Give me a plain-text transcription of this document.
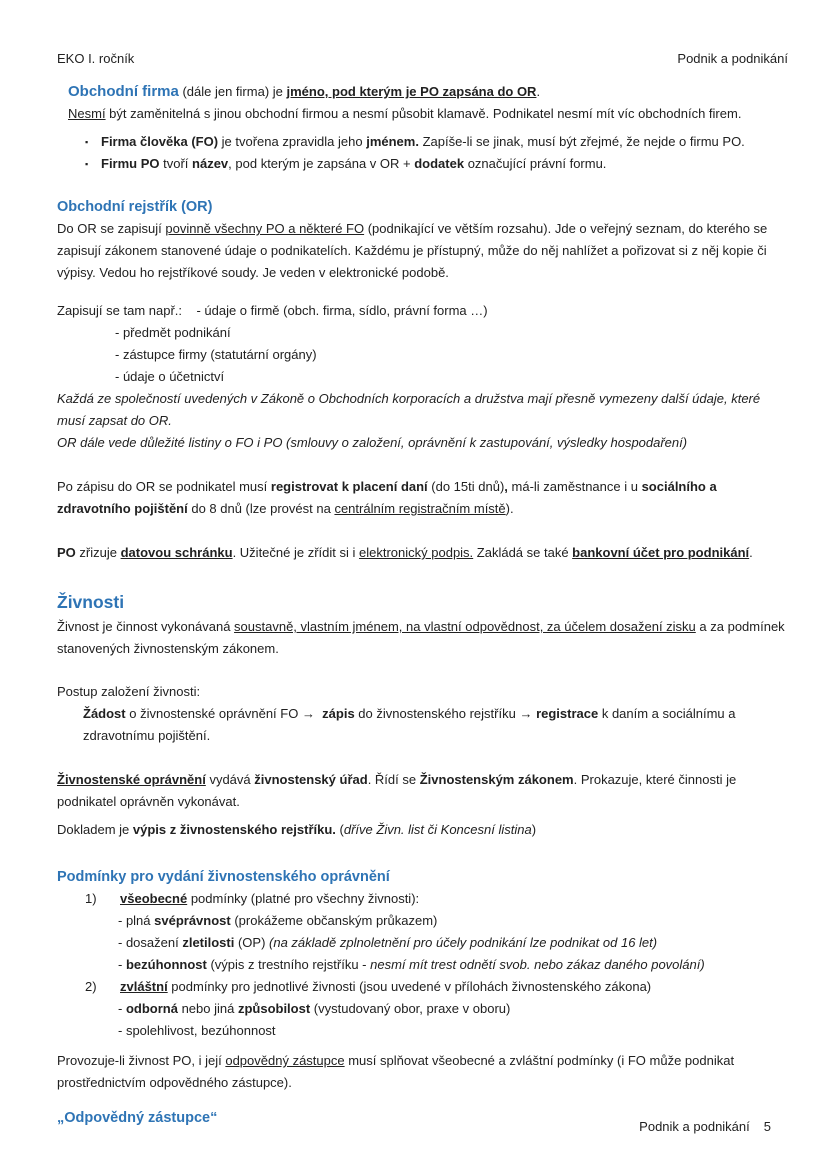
EKO I. ročník	Podnik a podnikání

Obchodní firma (dále jen firma) je jméno, pod kterým je PO zapsána do OR.

Nesmí být zaměnitelná s jinou obchodní firmou a nesmí působit klamavě. Podnikatel nesmí mít víc obchodních firem.

▪ Firma člověka (FO) je tvořena zpravidla jeho jménem. Zapíše-li se jinak, musí být zřejmé, že nejde o firmu PO.
▪ Firmu PO tvoří název, pod kterým je zapsána v OR + dodatek označující právní formu.
Obchodní rejstřík (OR)

Do OR se zapisují povinně všechny PO a některé FO (podnikající ve větším rozsahu). Jde o veřejný seznam, do kterého se zapisují zákonem stanovené údaje o podnikatelích. Každému je přístupný, může do něj nahlížet a pořizovat si z něj kopie či výpisy. Vedou ho rejstříkové soudy. Je veden v elektronické podobě.

Zapisují se tam např.:    - údaje o firmě (obch. firma, sídlo, právní forma …)

- předmět podnikání
- zástupce firmy (statutární orgány)
- údaje o účetnictví

Každá ze společností uvedených v Zákoně o Obchodních korporacích a družstva mají přesně vymezeny další údaje, které musí zapsat do OR.

OR dále vede důležité listiny o FO i PO (smlouvy o založení, oprávnění k zastupování, výsledky hospodaření)

Po zápisu do OR se podnikatel musí registrovat k placení daní (do 15ti dnů), má-li zaměstnance i u sociálního a zdravotního pojištění do 8 dnů (lze provést na centrálním registračním místě).

PO zřizuje datovou schránku. Užitečné je zřídit si i elektronický podpis. Zakládá se také bankovní účet pro podnikání.

Živnosti

Živnost je činnost vykonávaná soustavně, vlastním jménem, na vlastní odpovědnost, za účelem dosažení zisku a za podmínek stanovených živnostenským zákonem.

Postup založení živnosti:

Žádost o živnostenské oprávnění FO → zápis do živnostenského rejstříku → registrace k daním a sociálnímu a zdravotnímu pojištění.

Živnostenské oprávnění vydává živnostenský úřad. Řídí se Živnostenským zákonem. Prokazuje, které činnosti je podnikatel oprávněn vykonávat.

Dokladem je výpis z živnostenského rejstříku. (dříve Živn. list či Koncesní listina)

Podmínky pro vydání živnostenského oprávnění
1)	všeobecné podmínky (platné pro všechny živnosti):
- plná svéprávnost (prokážeme občanským průkazem)
- dosažení zletilosti (OP) (na základě zplnoletnění pro účely podnikání lze podnikat od 16 let)
- bezúhonnost (výpis z trestního rejstříku - nesmí mít trest odnětí svob. nebo zákaz daného povolání)
2)	zvláštní podmínky pro jednotlivé živnosti (jsou uvedené v přílohách živnostenského zákona)
- odborná nebo jiná způsobilost (vystudovaný obor, praxe v oboru)
- spolehlivost, bezúhonnost

Provozuje-li živnost PO, i její odpovědný zástupce musí splňovat všeobecné a zvláštní podmínky (i FO může podnikat prostřednictvím odpovědného zástupce).

„Odpovědný zástupce“
Podnik a podnikání 5
